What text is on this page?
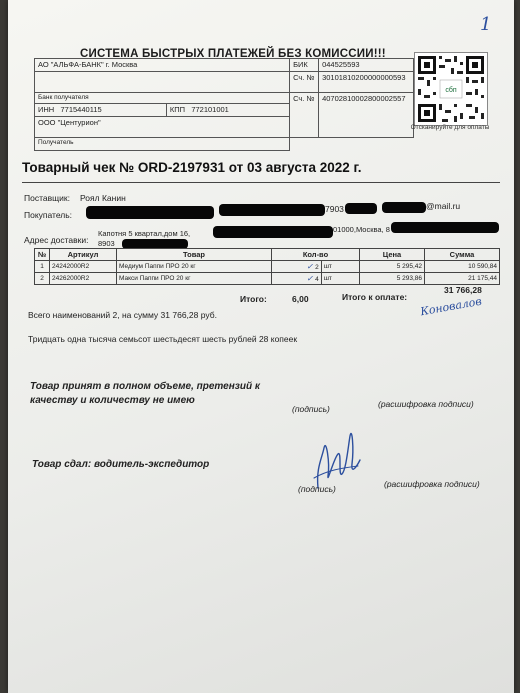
1
СИСТЕМА БЫСТРЫХ ПЛАТЕЖЕЙ БЕЗ КОМИССИИ!!!
АО "АЛЬФА-БАНК" г. Москва		БИК	044525593
		Сч. №	30101810200000000593
Банк получателя		Сч. №	40702810002800002557
ИНН 7715440115	КПП 772101001		
ООО "Центурион"			
Получатель			
сбп
Отсканируйте для оплаты
Товарный чек № ORD-2197931 от 03 августа 2022 г.
Поставщик: Роял Канин
Покупатель:
7903	@mail.ru
Адрес доставки:
Капотня 5 квартал,дом 16,	01000,Москва, 8
8903
№	Артикул	Товар	Кол-во		Цена	Сумма
1	24242000R2	Медиум Паппи ПРО 20 кг	✓ 2	шт	5 295,42	10 590,84
2	24262000R2	Макси Паппи ПРО 20 кг	✓ 4	шт	5 293,86	21 175,44
Итого:	6,00	Итого к оплате:
31 766,28
Коновалов
Всего наименований 2, на сумму 31 766,28 руб.
Тридцать одна тысяча семьсот шестьдесят шесть рублей 28 копеек
Товар принят в полном объеме, претензий к качеству и количеству не имею
(подпись)	(расшифровка подписи)
Товар сдал: водитель-экспедитор
(подпись)	(расшифровка подписи)
